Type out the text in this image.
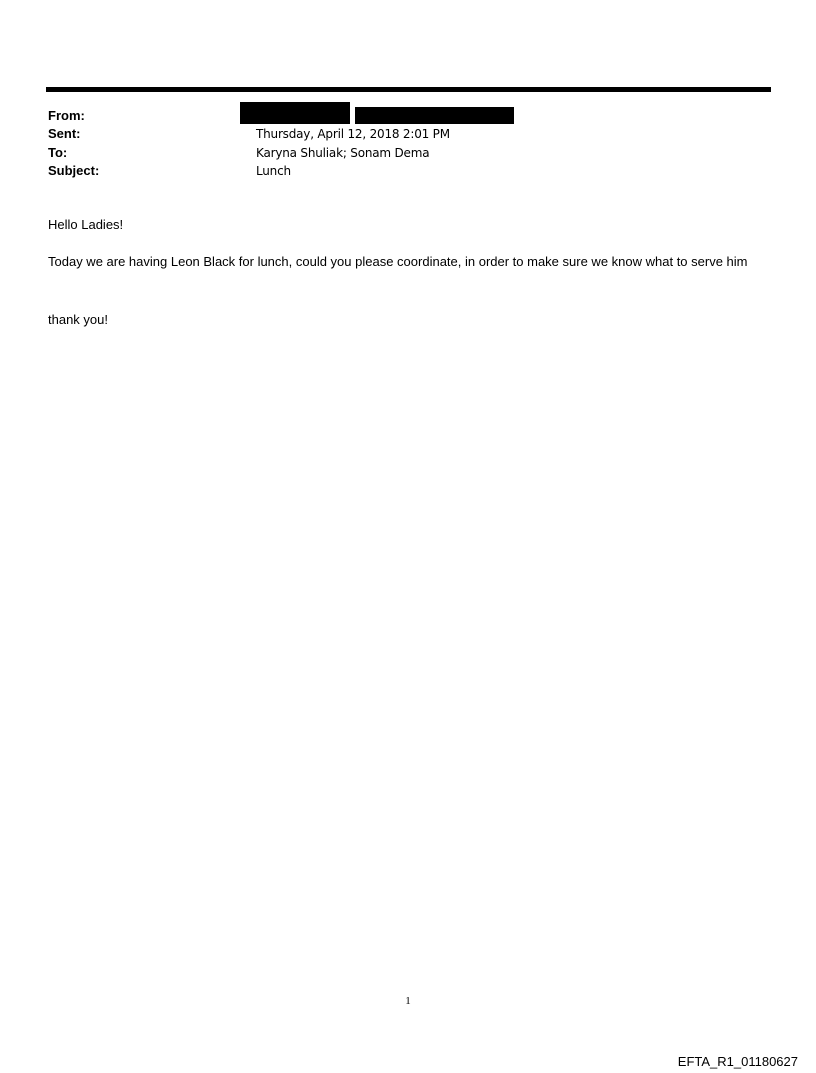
From:
Sent:	Thursday, April 12, 2018 2:01 PM
To:	Karyna Shuliak; Sonam Dema
Subject:	Lunch
Hello Ladies!
Today we are having Leon Black for lunch, could you please coordinate, in order to make sure we know what to serve him
thank you!
1
EFTA_R1_01180627
